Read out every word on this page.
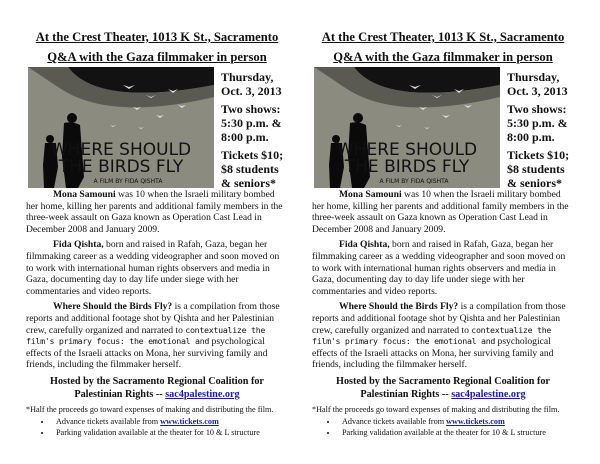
At the Crest Theater, 1013 K St., Sacramento
Q&A with the Gaza filmmaker in person
WHERE SHOULD
THE BIRDS FLY
A FILM BY FIDA QISHTA

Thursday, Oct. 3, 2013

Two shows: 5:30 p.m. & 8:00 p.m.

Tickets $10; $8 students & seniors*

Mona Samouni was 10 when the Israeli military bombed her home, killing her parents and additional family members in the three-week assault on Gaza known as Operation Cast Lead in December 2008 and January 2009.

Fida Qishta, born and raised in Rafah, Gaza, began her filmmaking career as a wedding videographer and soon moved on to work with international human rights observers and media in Gaza, documenting day to day life under siege with her commentaries and video reports.

Where Should the Birds Fly? is a compilation from those reports and additional footage shot by Qishta and her Palestinian crew, carefully organized and narrated to contextualize the film's primary focus: the emotional and psychological effects of the Israeli attacks on Mona, her surviving family and friends, including the filmmaker herself.

Hosted by the Sacramento Regional Coalition for Palestinian Rights -- sac4palestine.org
*Half the proceeds go toward expenses of making and distributing the film.
• Advance tickets available from www.tickets.com
• Parking validation available at the theater for 10 & L structure
At the Crest Theater, 1013 K St., Sacramento
Q&A with the Gaza filmmaker in person
WHERE SHOULD
THE BIRDS FLY
A FILM BY FIDA QISHTA

Thursday, Oct. 3, 2013

Two shows: 5:30 p.m. & 8:00 p.m.

Tickets $10; $8 students & seniors*

Mona Samouni was 10 when the Israeli military bombed her home, killing her parents and additional family members in the three-week assault on Gaza known as Operation Cast Lead in December 2008 and January 2009.

Fida Qishta, born and raised in Rafah, Gaza, began her filmmaking career as a wedding videographer and soon moved on to work with international human rights observers and media in Gaza, documenting day to day life under siege with her commentaries and video reports.

Where Should the Birds Fly? is a compilation from those reports and additional footage shot by Qishta and her Palestinian crew, carefully organized and narrated to contextualize the film's primary focus: the emotional and psychological effects of the Israeli attacks on Mona, her surviving family and friends, including the filmmaker herself.

Hosted by the Sacramento Regional Coalition for Palestinian Rights -- sac4palestine.org
*Half the proceeds go toward expenses of making and distributing the film.
• Advance tickets available from www.tickets.com
• Parking validation available at the theater for 10 & L structure
